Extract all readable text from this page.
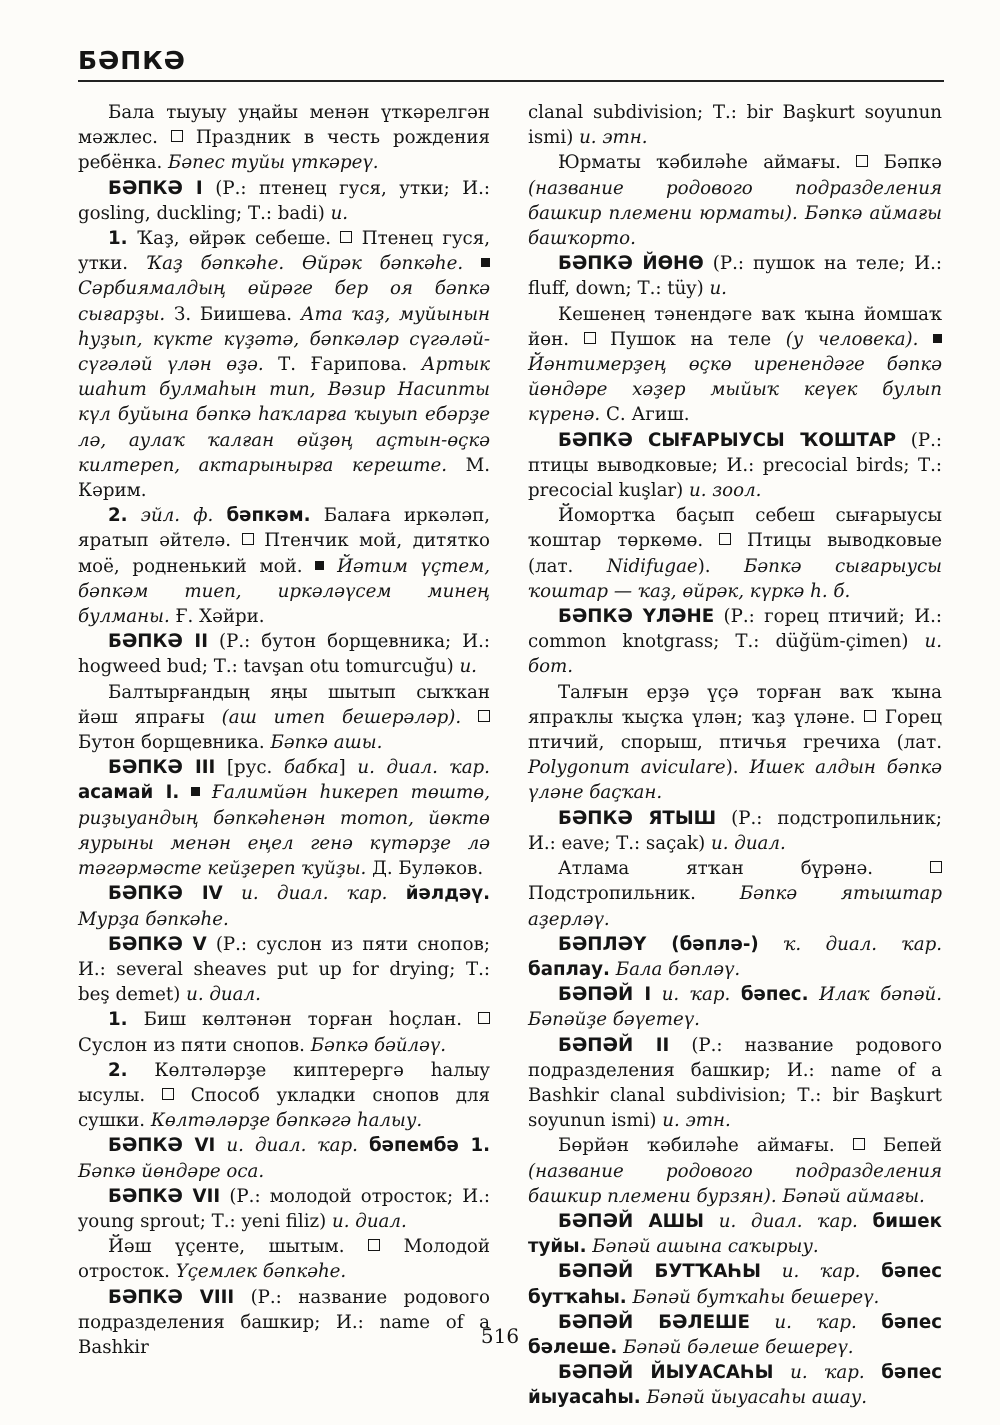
БӘПКӘ

Бала тыуыу уңайы менән үткәрелгән мәжлес.  Праздник в честь рождения ребёнка. Бәпес туйы үткәреү.

БӘПКӘ I (Р.: птенец гуся, утки; И.: gosling, duckling; Т.: badi) и.

1. Ҡаҙ, өйрәк себеше.  Птенец гуся, утки. Ҡаҙ бәпкәһе. Өйрәк бәпкәһе.  Сәрбиямалдың өйрәге бер оя бәпкә сығарҙы. З. Биишева. Ата ҡаҙ, муйынын һуҙып, күкте күҙәтә, бәпкәләр сүгәләй-сүгәләй үлән өҙә. Т. Ғарипова. Артык шаһит булмаһын тип, Вәзир Насипты күл буйына бәпкә һаҡларға ҡыуып ебәрҙе лә, аулаҡ ҡалған өйҙөң аҫтын-өҫкә килтереп, актарынырға кереште. М. Кәрим.

2. эйл. ф. бәпкәм. Балаға иркәләп, яратып әйтелә.  Птенчик мой, дитятко моё, родненький мой.  Йәтим үҫтем, бәпкәм тиеп, иркәләүсем минең булманы. Ғ. Хәйри.

БӘПКӘ II (Р.: бутон борщевника; И.: hogweed bud; Т.: tavşan otu tomurcuğu) и.

Балтырғандың яңы шытып сыҡҡан йәш япрағы (аш итеп бешерәләр).  Бутон борщевника. Бәпкә ашы.

БӘПКӘ III [рус. бабка] и. диал. ҡар. асамай I. Ғалимйән һикереп төштө, риҙыуандың бәпкәһенән тотоп, йөктө яурыны менән еңел генә күтәрҙе лә тәгәрмәсте кейҙереп ҡуйҙы. Д. Буләков.

БӘПКӘ IV и. диал. ҡар. йәлдәү. Мурҙа бәпкәһе.

БӘПКӘ V (Р.: суслон из пяти снопов; И.: several sheaves put up for drying; Т.: beş demet) и. диал.

1. Биш көлтәнән торған һоҫлан.  Суслон из пяти снопов. Бәпкә бәйләү.

2. Көлтәләрҙе киптерергә һалыу ысулы.  Способ укладки снопов для сушки. Көлтәләрҙе бәпкәгә һалыу.

БӘПКӘ VI и. диал. ҡар. бәпембә 1. Бәпкә йөндәре оса.

БӘПКӘ VII (Р.: молодой отросток; И.: young sprout; Т.: yeni filiz) и. диал.

Йәш үҫенте, шытым.  Молодой отросток. Үҫемлек бәпкәһе.

БӘПКӘ VIII (Р.: название родового подразделения башкир; И.: name of a Bashkir

clanal subdivision; Т.: bir Başkurt soyunun ismi) и. этн.

Юрматы ҡәбиләһе аймағы.  Бәпкә (название родового подразделения башкир племени юрматы). Бәпкә аймағы башҡорто.

БӘПКӘ ЙӨНӨ (Р.: пушок на теле; И.: fluff, down; Т.: tüy) и.

Кешенең тәнендәге ваҡ ҡына йомшаҡ йөн.  Пушок на теле (у человека).  Йәнтимерҙең өҫкө иренендәге бәпкә йөндәре хәҙер мыйыҡ кеүек булып күренә. С. Агиш.

БӘПКӘ СЫҒАРЫУСЫ ҠОШТАР (Р.: птицы выводковые; И.: precocial birds; Т.: precocial kuşlar) и. зоол.

Йомортҡа баҫып себеш сығарыусы ҡоштар төркөмө.  Птицы выводковые (лат. Nidifugae). Бәпкә сығарыусы ҡоштар — ҡаҙ, өйрәк, күркә һ. б.

БӘПКӘ ҮЛӘНЕ (Р.: горец птичий; И.: common knotgrass; Т.: düğüm-çimen) и. бот.

Талғын ерҙә үҫә торған ваҡ ҡына япраҡлы ҡыҫҡа үлән; ҡаҙ үләне.  Горец птичий, спорыш, птичья гречиха (лат. Polygonum aviculare). Ишек алдын бәпкә үләне баҫҡан.

БӘПКӘ ЯТЫШ (Р.: подстропильник; И.: eave; Т.: saçak) и. диал.

Атлама ятҡан бүрәнә.  Подстропильник. Бәпкә ятыштар аҙерләү.

БӘПЛӘҮ (бәплә-) ҡ. диал. ҡар. баплау. Бала бәпләү.

БӘПӘЙ I и. ҡар. бәпес. Илаҡ бәпәй. Бәпәйҙе бәүетеү.

БӘПӘЙ II (Р.: название родового подразделения башкир; И.: name of a Bashkir clanal subdivision; Т.: bir Başkurt soyunun ismi) и. этн.

Бөрйән ҡәбиләһе аймағы.  Бепей (название родового подразделения башкир племени бурзян). Бәпәй аймағы.

БӘПӘЙ АШЫ и. диал. ҡар. бишек туйы. Бәпәй ашына саҡырыу.

БӘПӘЙ БУТҠАҺЫ и. ҡар. бәпес бутҡаһы. Бәпәй бутҡаһы бешереү.

БӘПӘЙ БӘЛЕШЕ и. ҡар. бәпес бәлеше. Бәпәй бәлеше бешереү.

БӘПӘЙ ЙЫУАСАҺЫ и. ҡар. бәпес йыуасаһы. Бәпәй йыуасаһы ашау.

516
